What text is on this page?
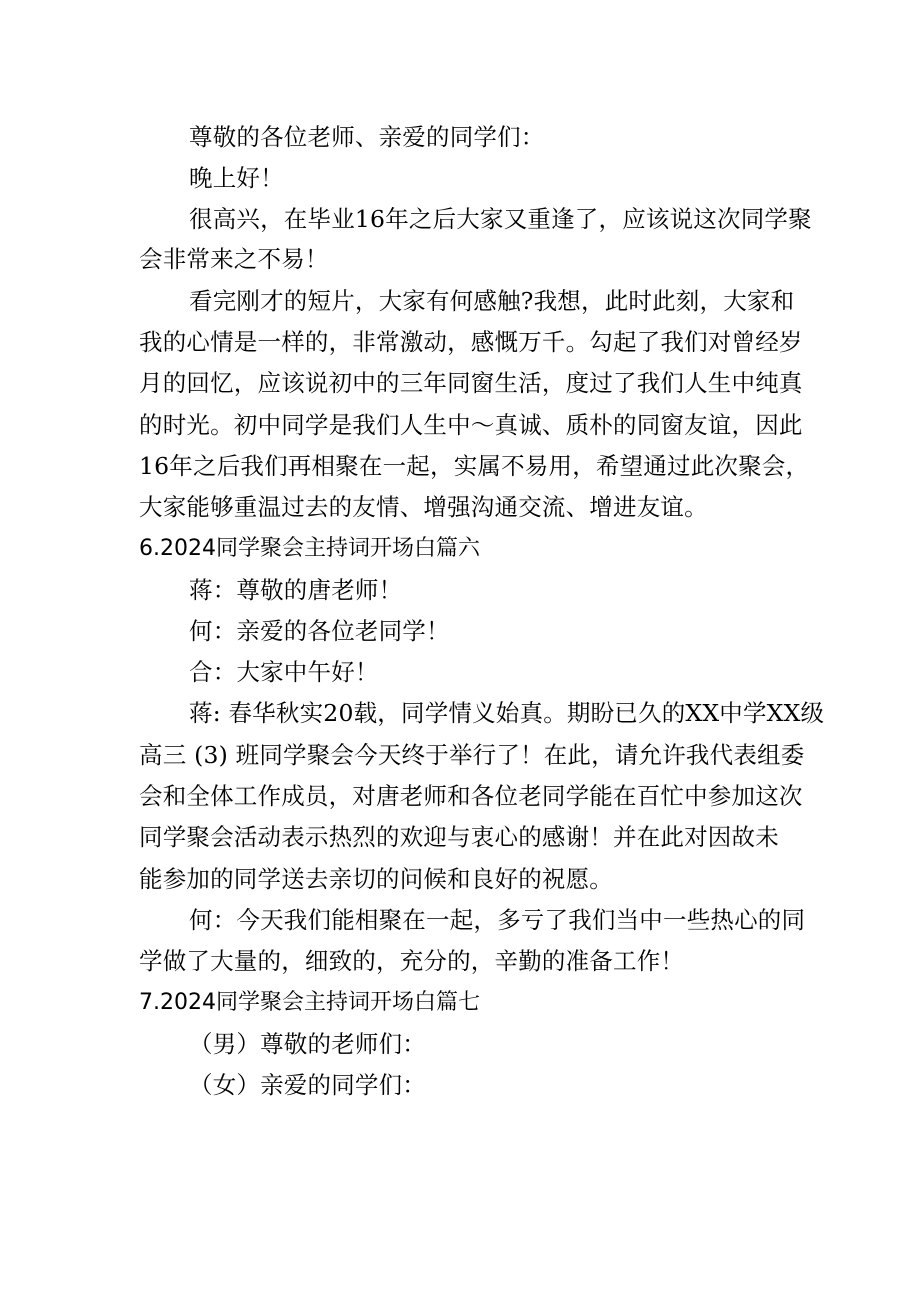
尊敬的各位老师、亲爱的同学们：

晚上好！

很高兴，在毕业16年之后大家又重逢了，应该说这次同学聚

会非常来之不易！

看完刚才的短片，大家有何感触?我想，此时此刻，大家和

我的心情是一样的，非常激动，感慨万千。勾起了我们对曾经岁

月的回忆，应该说初中的三年同窗生活，度过了我们人生中纯真

的时光。初中同学是我们人生中～真诚、质朴的同窗友谊，因此

16年之后我们再相聚在一起，实属不易用，希望通过此次聚会，

大家能够重温过去的友情、增强沟通交流、增进友谊。

6.2024同学聚会主持词开场白篇六

蒋：尊敬的唐老师！

何：亲爱的各位老同学！

合：大家中午好！

蒋: 春华秋实20载，同学情义始真。期盼已久的XX中学XX级

高三 (3) 班同学聚会今天终于举行了！在此，请允许我代表组委

会和全体工作成员，对唐老师和各位老同学能在百忙中参加这次

同学聚会活动表示热烈的欢迎与衷心的感谢！并在此对因故未

能参加的同学送去亲切的问候和良好的祝愿。

何：今天我们能相聚在一起，多亏了我们当中一些热心的同

学做了大量的，细致的，充分的，辛勤的准备工作！

7.2024同学聚会主持词开场白篇七

（男）尊敬的老师们：

（女）亲爱的同学们：
